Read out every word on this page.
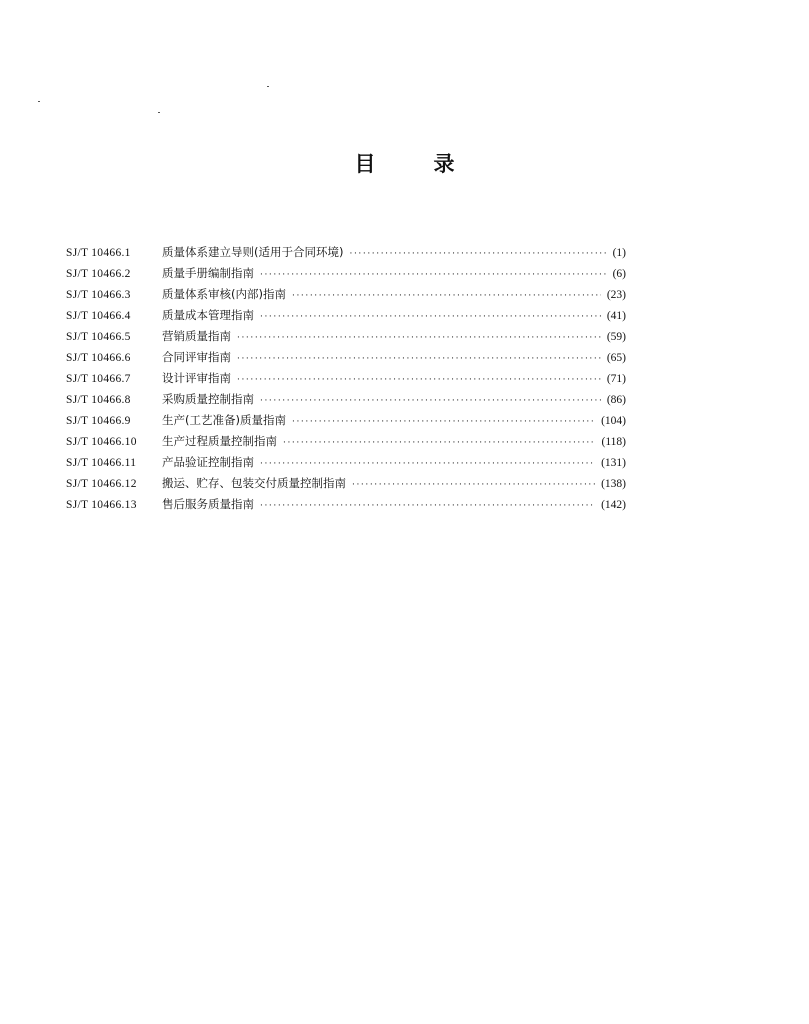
目	录
SJ/T 10466.1	质量体系建立导则(适用于合同环境) ·····	(1)
SJ/T 10466.2	质量手册编制指南 ·····	(6)
SJ/T 10466.3	质量体系审核(内部)指南 ·····	(23)
SJ/T 10466.4	质量成本管理指南 ·····	(41)
SJ/T 10466.5	营销质量指南 ·····	(59)
SJ/T 10466.6	合同评审指南 ·····	(65)
SJ/T 10466.7	设计评审指南 ·····	(71)
SJ/T 10466.8	采购质量控制指南 ·····	(86)
SJ/T 10466.9	生产(工艺准备)质量指南 ·····	(104)
SJ/T 10466.10	生产过程质量控制指南 ·····	(118)
SJ/T 10466.11	产品验证控制指南 ·····	(131)
SJ/T 10466.12	搬运、贮存、包装交付质量控制指南 ·····	(138)
SJ/T 10466.13	售后服务质量指南 ·····	(142)
